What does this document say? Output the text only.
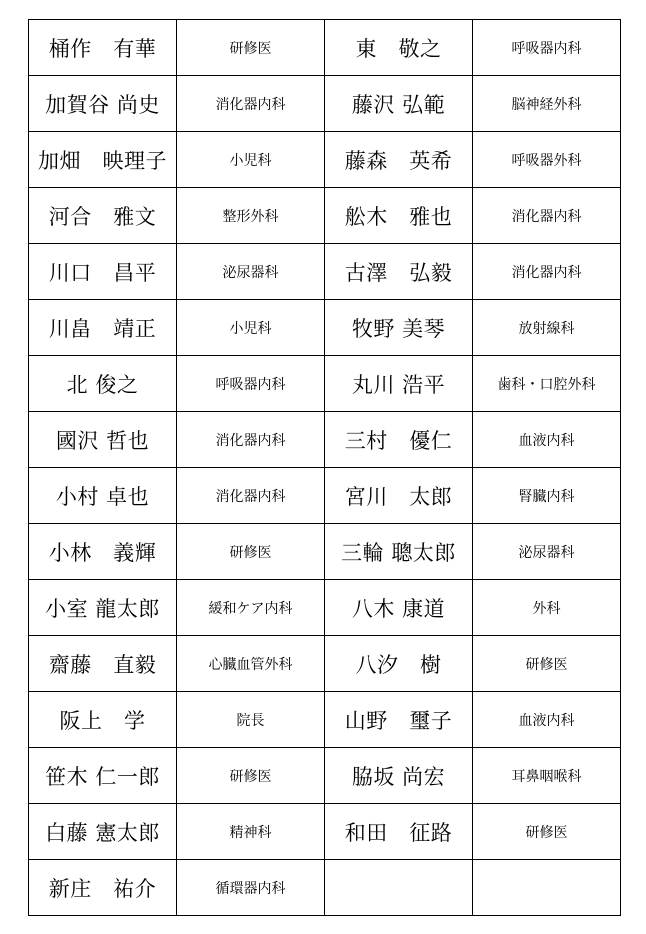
桶作　有華	研修医	東　敬之	呼吸器内科
加賀谷 尚史	消化器内科	藤沢 弘範	脳神経外科
加畑　映理子	小児科	藤森　英希	呼吸器外科
河合　雅文	整形外科	舩木　雅也	消化器内科
川口　昌平	泌尿器科	古澤　弘毅	消化器内科
川畠　靖正	小児科	牧野 美琴	放射線科
北 俊之	呼吸器内科	丸川 浩平	歯科・口腔外科
國沢 哲也	消化器内科	三村　優仁	血液内科
小村 卓也	消化器内科	宮川　太郎	腎臓内科
小林　義輝	研修医	三輪 聰太郎	泌尿器科
小室 龍太郎	緩和ケア内科	八木 康道	外科
齋藤　直毅	心臓血管外科	八汐　樹	研修医
阪上　学	院長	山野　璽子	血液内科
笹木 仁一郎	研修医	脇坂 尚宏	耳鼻咽喉科
白藤 憲太郎	精神科	和田　征路	研修医
新庄　祐介	循環器内科		
